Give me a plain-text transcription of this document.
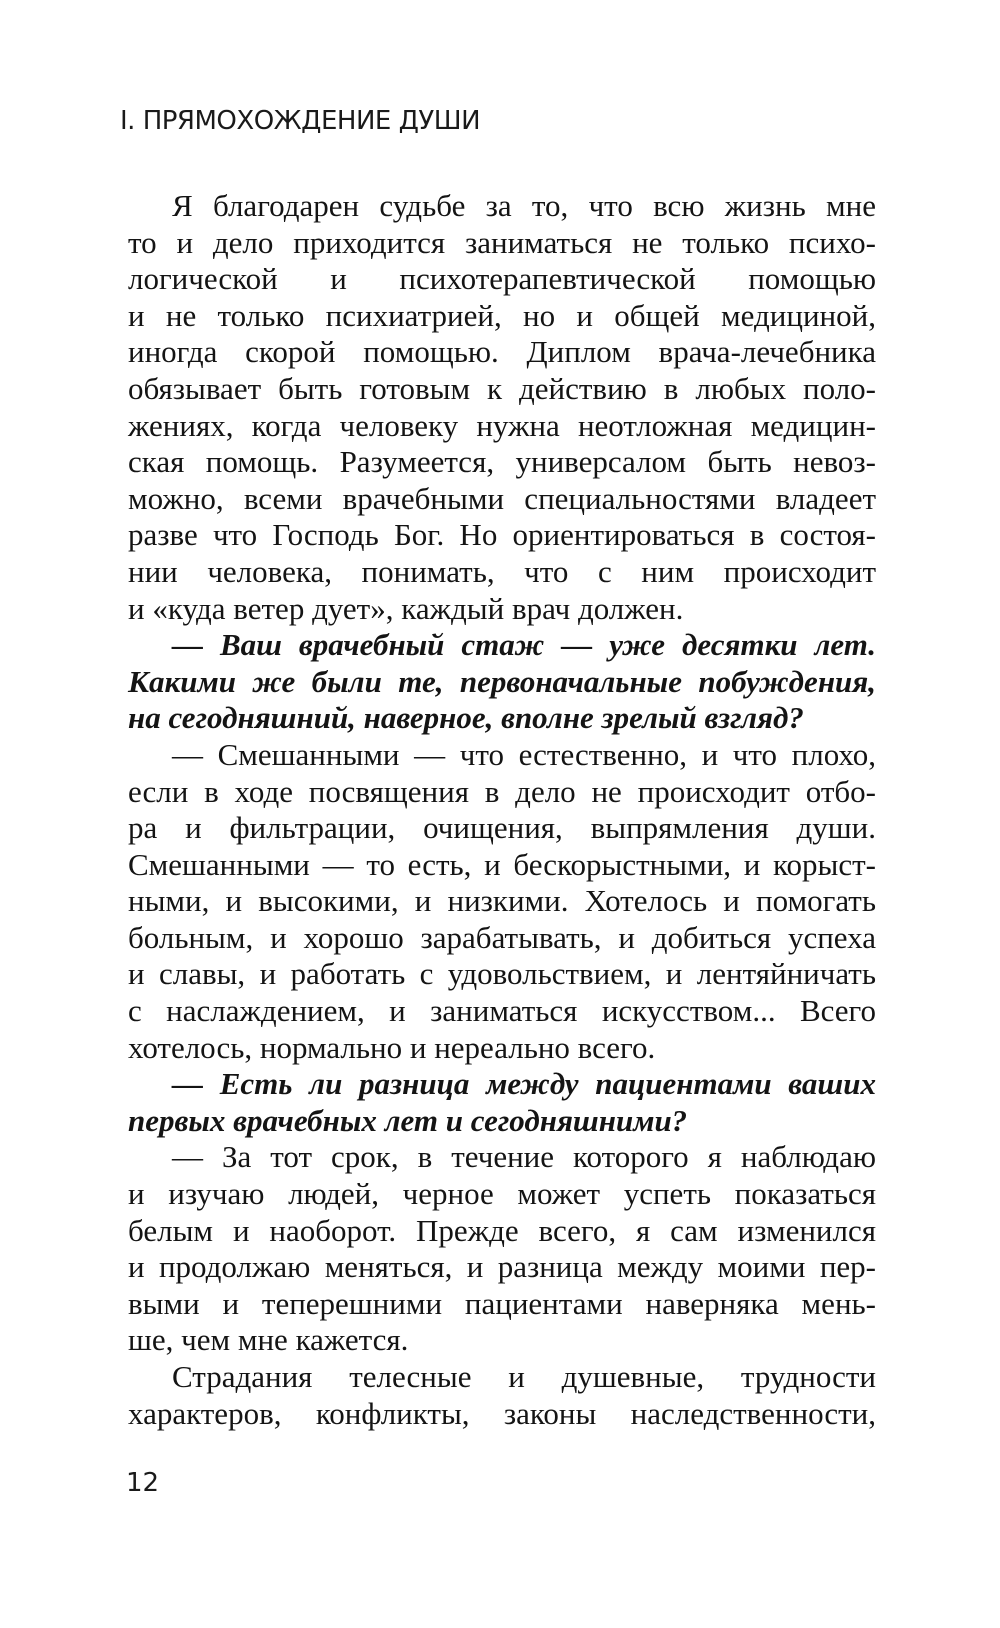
I. ПРЯМОХОЖДЕНИЕ ДУШИ
Я благодарен судьбе за то, что всю жизнь мне
то и дело приходится заниматься не только психо-
логической и психотерапевтической помощью
и не только психиатрией, но и общей медициной,
иногда скорой помощью. Диплом врача-лечебника
обязывает быть готовым к действию в любых поло-
жениях, когда человеку нужна неотложная медицин-
ская помощь. Разумеется, универсалом быть невоз-
можно, всеми врачебными специальностями владеет
разве что Господь Бог. Но ориентироваться в состоя-
нии человека, понимать, что с ним происходит
и «куда ветер дует», каждый врач должен.
— Ваш врачебный стаж — уже десятки лет.
Какими же были те, первоначальные побуждения,
на сегодняшний, наверное, вполне зрелый взгляд?
— Смешанными — что естественно, и что плохо,
если в ходе посвящения в дело не происходит отбо-
ра и фильтрации, очищения, выпрямления души.
Смешанными — то есть, и бескорыстными, и корыст-
ными, и высокими, и низкими. Хотелось и помогать
больным, и хорошо зарабатывать, и добиться успеха
и славы, и работать с удовольствием, и лентяйничать
с наслаждением, и заниматься искусством... Всего
хотелось, нормально и нереально всего.
— Есть ли разница между пациентами ваших
первых врачебных лет и сегодняшними?
— За тот срок, в течение которого я наблюдаю
и изучаю людей, черное может успеть показаться
белым и наоборот. Прежде всего, я сам изменился
и продолжаю меняться, и разница между моими пер-
выми и теперешними пациентами наверняка мень-
ше, чем мне кажется.
Страдания телесные и душевные, трудности
характеров, конфликты, законы наследственности,
12
